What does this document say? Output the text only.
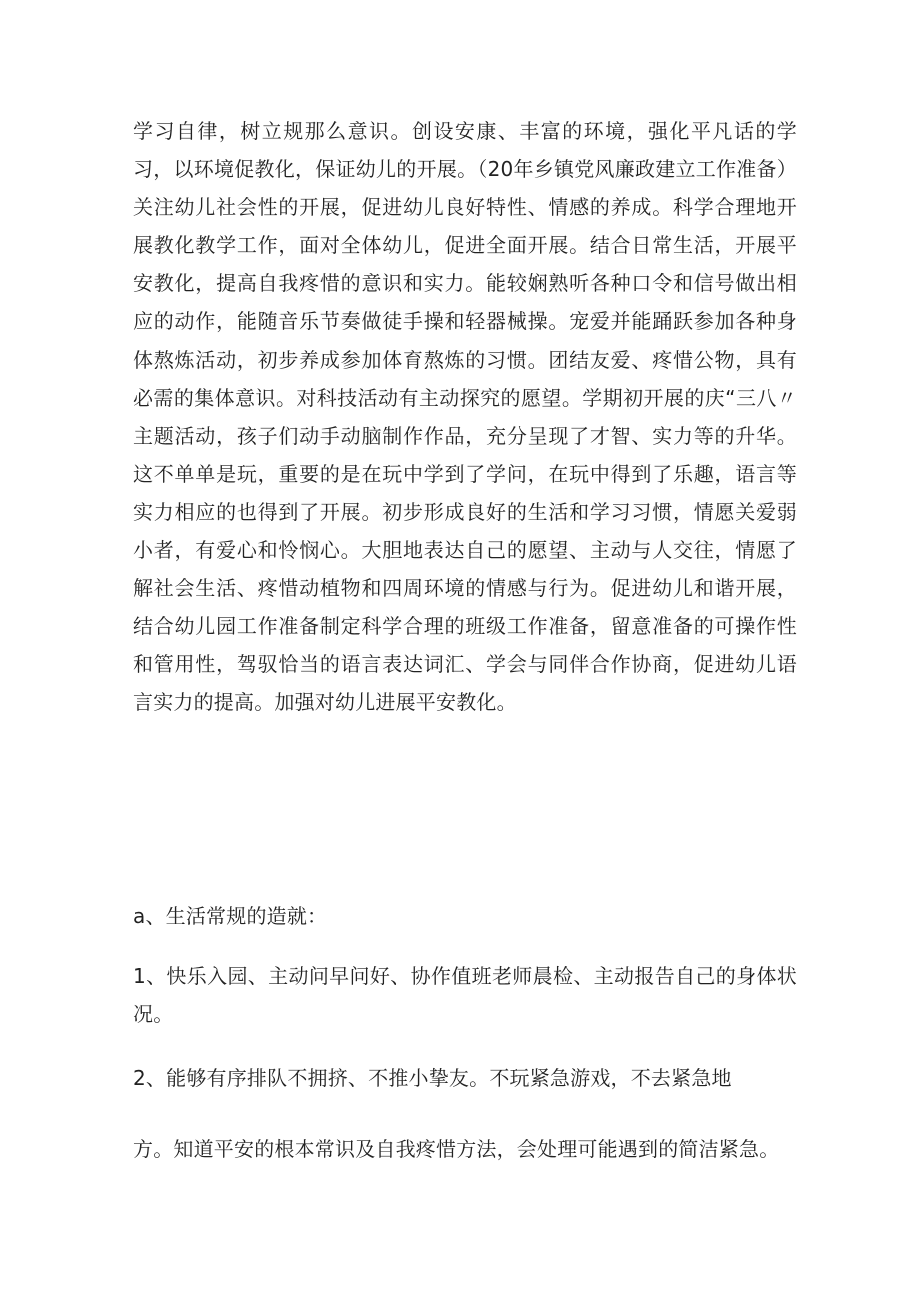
学习自律，树立规那么意识。创设安康、丰富的环境，强化平凡话的学习，以环境促教化，保证幼儿的开展。（20年乡镇党风廉政建立工作准备）关注幼儿社会性的开展，促进幼儿良好特性、情感的养成。科学合理地开展教化教学工作，面对全体幼儿，促进全面开展。结合日常生活，开展平安教化，提高自我疼惜的意识和实力。能较娴熟听各种口令和信号做出相应的动作，能随音乐节奏做徒手操和轻器械操。宠爱并能踊跃参加各种身体熬炼活动，初步养成参加体育熬炼的习惯。团结友爱、疼惜公物，具有必需的集体意识。对科技活动有主动探究的愿望。学期初开展的庆“三八〃主题活动，孩子们动手动脑制作作品，充分呈现了才智、实力等的升华。这不单单是玩，重要的是在玩中学到了学问，在玩中得到了乐趣，语言等实力相应的也得到了开展。初步形成良好的生活和学习习惯，情愿关爱弱小者，有爱心和怜悯心。大胆地表达自己的愿望、主动与人交往，情愿了解社会生活、疼惜动植物和四周环境的情感与行为。促进幼儿和谐开展，结合幼儿园工作准备制定科学合理的班级工作准备，留意准备的可操作性和管用性，驾驭恰当的语言表达词汇、学会与同伴合作协商，促进幼儿语言实力的提高。加强对幼儿进展平安教化。

a、生活常规的造就：

1、快乐入园、主动问早问好、协作值班老师晨检、主动报告自己的身体状况。

2、能够有序排队不拥挤、不推小挚友。不玩紧急游戏，不去紧急地

方。知道平安的根本常识及自我疼惜方法，会处理可能遇到的简洁紧急。
